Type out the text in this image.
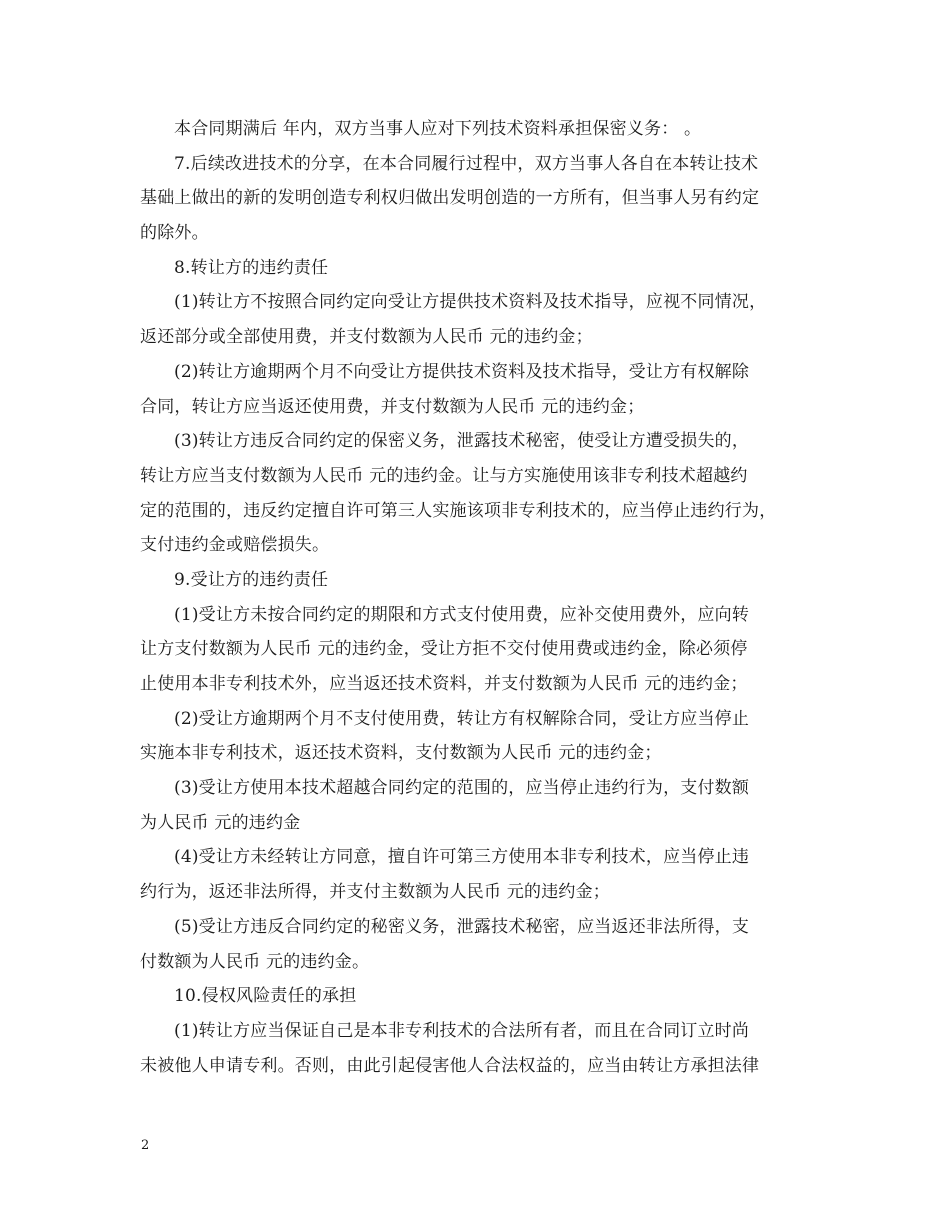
本合同期满后 年内，双方当事人应对下列技术资料承担保密义务： 。
7.后续改进技术的分享，在本合同履行过程中，双方当事人各自在本转让技术
基础上做出的新的发明创造专利权归做出发明创造的一方所有，但当事人另有约定
的除外。
8.转让方的违约责任
(1)转让方不按照合同约定向受让方提供技术资料及技术指导，应视不同情况，
返还部分或全部使用费，并支付数额为人民币 元的违约金；
(2)转让方逾期两个月不向受让方提供技术资料及技术指导，受让方有权解除
合同，转让方应当返还使用费，并支付数额为人民币 元的违约金；
(3)转让方违反合同约定的保密义务，泄露技术秘密，使受让方遭受损失的，
转让方应当支付数额为人民币 元的违约金。让与方实施使用该非专利技术超越约
定的范围的，违反约定擅自许可第三人实施该项非专利技术的，应当停止违约行为，
支付违约金或赔偿损失。
9.受让方的违约责任
(1)受让方未按合同约定的期限和方式支付使用费，应补交使用费外，应向转
让方支付数额为人民币 元的违约金，受让方拒不交付使用费或违约金，除必须停
止使用本非专利技术外，应当返还技术资料，并支付数额为人民币 元的违约金；
(2)受让方逾期两个月不支付使用费，转让方有权解除合同，受让方应当停止
实施本非专利技术，返还技术资料，支付数额为人民币 元的违约金；
(3)受让方使用本技术超越合同约定的范围的，应当停止违约行为，支付数额
为人民币 元的违约金
(4)受让方未经转让方同意，擅自许可第三方使用本非专利技术，应当停止违
约行为，返还非法所得，并支付主数额为人民币 元的违约金；
(5)受让方违反合同约定的秘密义务，泄露技术秘密，应当返还非法所得，支
付数额为人民币 元的违约金。
10.侵权风险责任的承担
(1)转让方应当保证自己是本非专利技术的合法所有者，而且在合同订立时尚
未被他人申请专利。否则，由此引起侵害他人合法权益的，应当由转让方承担法律
2
